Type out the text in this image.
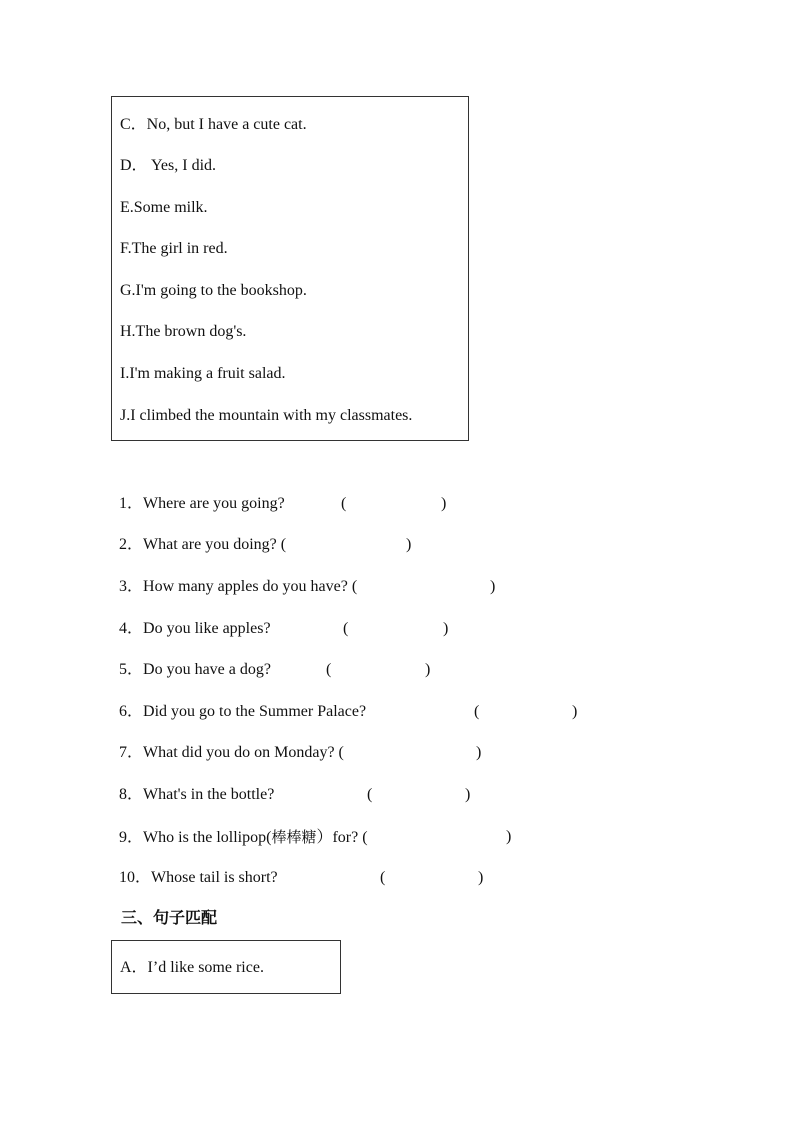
C．No, but I have a cute cat.
D． Yes, I did.
E.Some milk.
F.The girl in red.
G.I'm going to the bookshop.
H.The brown dog's.
I.I'm making a fruit salad.
J.I climbed the mountain with my classmates.
1．Where are you going?	(	)
2．What are you doing? (	)
3．How many apples do you have? (	)
4．Do you like apples?	(	)
5．Do you have a dog?	(	)
6．Did you go to the Summer Palace?	(	)
7．What did you do on Monday? (	)
8．What's in the bottle?	(	)
9．Who is the lollipop(棒棒糖）for? (	)
10．Whose tail is short?	(	)
三、句子匹配
A．I’d like some rice.
